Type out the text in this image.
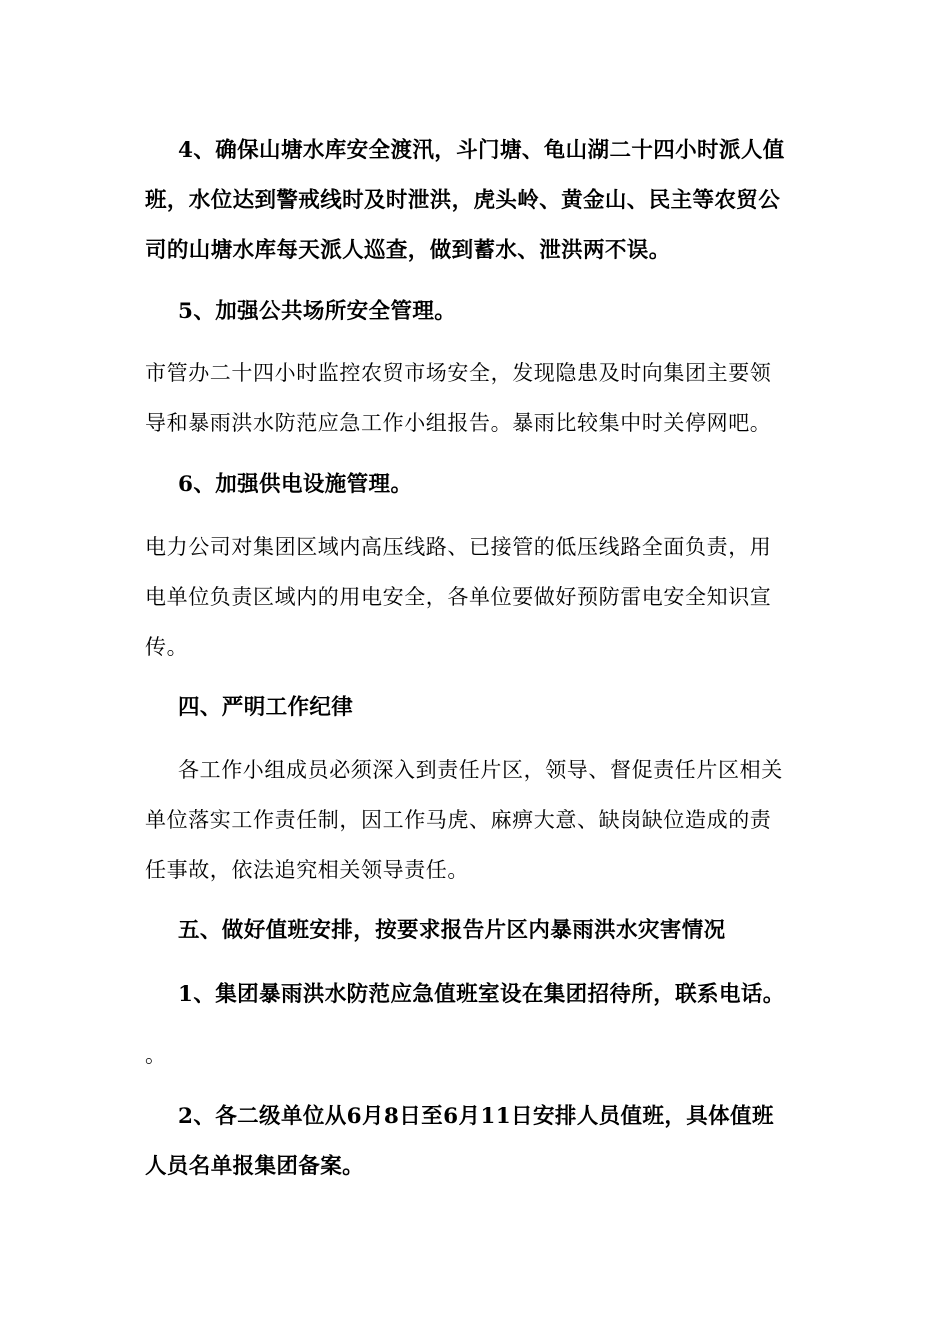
4、确保山塘水库安全渡汛，斗门塘、龟山湖二十四小时派人值
班，水位达到警戒线时及时泄洪，虎头岭、黄金山、民主等农贸公
司的山塘水库每天派人巡查，做到蓄水、泄洪两不误。
5、加强公共场所安全管理。
市管办二十四小时监控农贸市场安全，发现隐患及时向集团主要领
导和暴雨洪水防范应急工作小组报告。暴雨比较集中时关停网吧。
6、加强供电设施管理。
电力公司对集团区域内高压线路、已接管的低压线路全面负责，用
电单位负责区域内的用电安全，各单位要做好预防雷电安全知识宣
传。
四、严明工作纪律
各工作小组成员必须深入到责任片区，领导、督促责任片区相关
单位落实工作责任制，因工作马虎、麻痹大意、缺岗缺位造成的责
任事故，依法追究相关领导责任。
五、做好值班安排，按要求报告片区内暴雨洪水灾害情况
1、集团暴雨洪水防范应急值班室设在集团招待所，联系电话。
。
2、各二级单位从6月8日至6月11日安排人员值班，具体值班
人员名单报集团备案。
